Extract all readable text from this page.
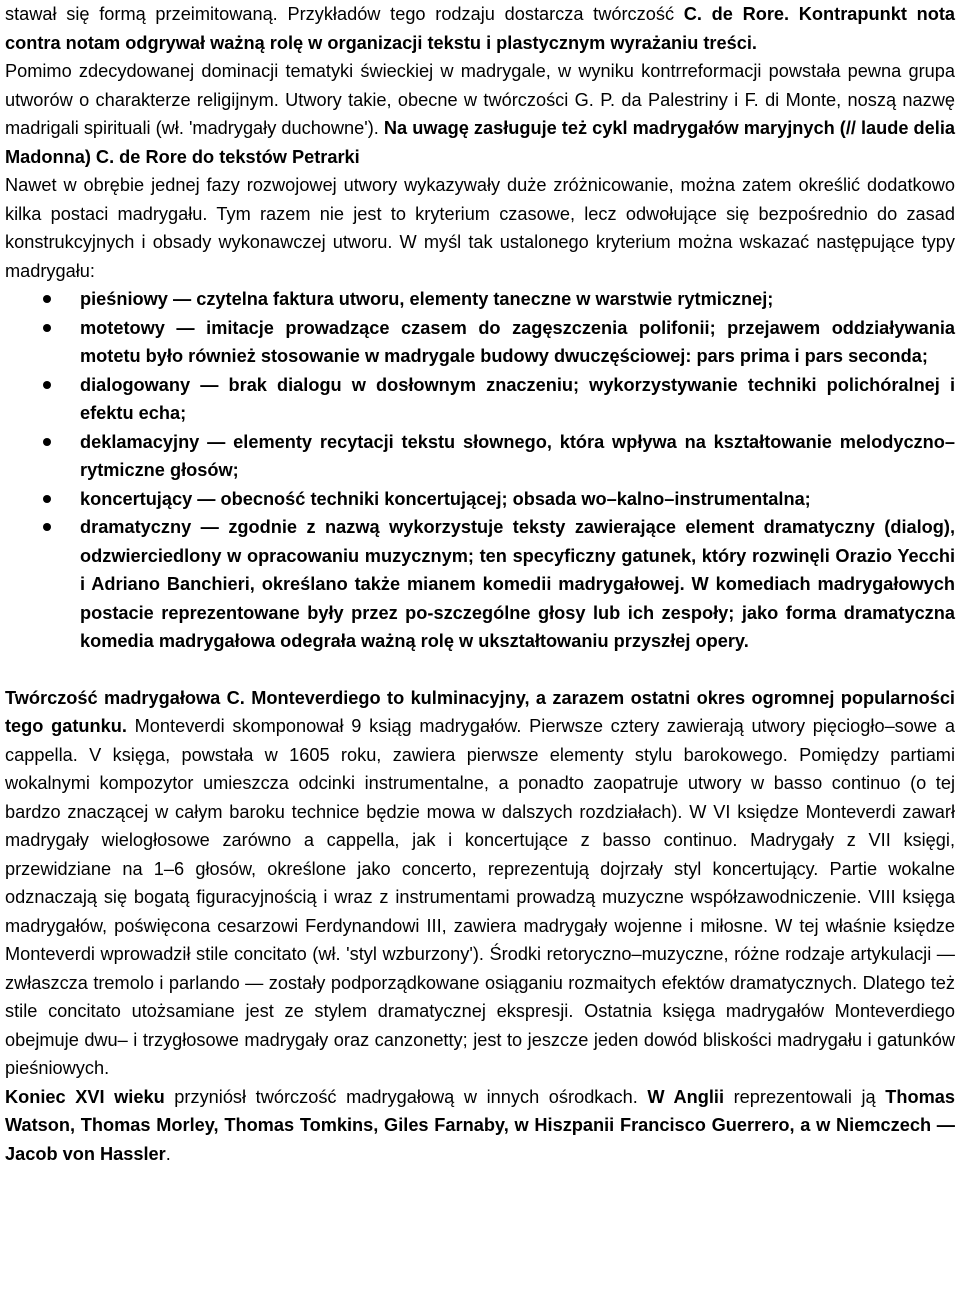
stawał się formą przeimitowaną. Przykładów tego rodzaju dostarcza twórczość C. de Rore. Kontrapunkt nota contra notam odgrywał ważną rolę w organizacji tekstu i plastycznym wyrażaniu treści.

Pomimo zdecydowanej dominacji tematyki świeckiej w madrygale, w wyniku kontrreformacji powstała pewna grupa utworów o charakterze religijnym. Utwory takie, obecne w twórczości G. P. da Palestriny i F. di Monte, noszą nazwę madrigali spirituali (wł. 'madrygały duchowne'). Na uwagę zasługuje też cykl madrygałów maryjnych (// laude delia Madonna) C. de Rore do tekstów Petrarki

Nawet w obrębie jednej fazy rozwojowej utwory wykazywały duże zróżnicowanie, można zatem określić dodatkowo kilka postaci madrygału. Tym razem nie jest to kryterium czasowe, lecz odwołujące się bezpośrednio do zasad konstrukcyjnych i obsady wykonawczej utworu. W myśl tak ustalonego kryterium można wskazać następujące typy madrygału:

pieśniowy — czytelna faktura utworu, elementy taneczne w warstwie rytmicznej;
motetowy — imitacje prowadzące czasem do zagęszczenia polifonii; przejawem oddziaływania motetu było również stosowanie w madrygale budowy dwuczęściowej: pars prima i pars seconda;
dialogowany — brak dialogu w dosłownym znaczeniu; wykorzystywanie techniki polichóralnej i efektu echa;
deklamacyjny — elementy recytacji tekstu słownego, która wpływa na kształtowanie melodyczno–rytmiczne głosów;
koncertujący — obecność techniki koncertującej; obsada wo–kalno–instrumentalna;
dramatyczny — zgodnie z nazwą wykorzystuje teksty zawierające element dramatyczny (dialog), odzwierciedlony w opracowaniu muzycznym; ten specyficzny gatunek, który rozwinęli Orazio Yecchi i Adriano Banchieri, określano także mianem komedii madrygałowej. W komediach madrygałowych postacie reprezentowane były przez po-szczególne głosy lub ich zespoły; jako forma dramatyczna komedia madrygałowa odegrała ważną rolę w ukształtowaniu przyszłej opery.

Twórczość madrygałowa C. Monteverdiego to kulminacyjny, a zarazem ostatni okres ogromnej popularności tego gatunku. Monteverdi skomponował 9 ksiąg madrygałów. Pierwsze cztery zawierają utwory pięciogło–sowe a cappella. V księga, powstała w 1605 roku, zawiera pierwsze elementy stylu barokowego. Pomiędzy partiami wokalnymi kompozytor umieszcza odcinki instrumentalne, a ponadto zaopatruje utwory w basso continuo (o tej bardzo znaczącej w całym baroku technice będzie mowa w dalszych rozdziałach). W VI księdze Monteverdi zawarł madrygały wielogłosowe zarówno a cappella, jak i koncertujące z basso continuo. Madrygały z VII księgi, przewidziane na 1–6 głosów, określone jako concerto, reprezentują dojrzały styl koncertujący. Partie wokalne odznaczają się bogatą figuracyjnością i wraz z instrumentami prowadzą muzyczne współzawodniczenie. VIII księga madrygałów, poświęcona cesarzowi Ferdynandowi III, zawiera madrygały wojenne i miłosne. W tej właśnie księdze Monteverdi wprowadził stile concitato (wł. 'styl wzburzony'). Środki retoryczno–muzyczne, różne rodzaje artykulacji — zwłaszcza tremolo i parlando — zostały podporządkowane osiąganiu rozmaitych efektów dramatycznych. Dlatego też stile concitato utożsamiane jest ze stylem dramatycznej ekspresji. Ostatnia księga madrygałów Monteverdiego obejmuje dwu– i trzygłosowe madrygały oraz canzonetty; jest to jeszcze jeden dowód bliskości madrygału i gatunków pieśniowych.

Koniec XVI wieku przyniósł twórczość madrygałową w innych ośrodkach. W Anglii reprezentowali ją Thomas Watson, Thomas Morley, Thomas Tomkins, Giles Farnaby, w Hiszpanii Francisco Guerrero, a w Niemczech — Jacob von Hassler.
